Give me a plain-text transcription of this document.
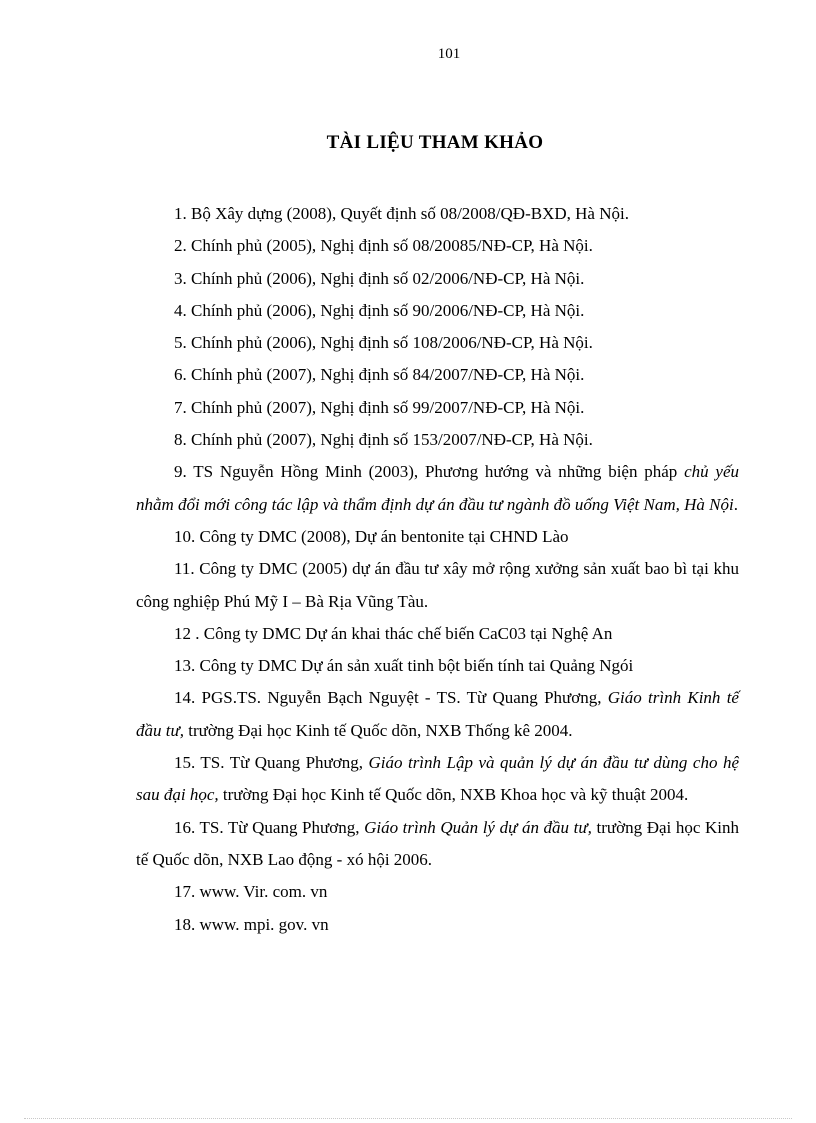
101
TÀI LIỆU THAM KHẢO
1. Bộ Xây dựng (2008), Quyết định số 08/2008/QĐ-BXD, Hà Nội.
2. Chính phủ (2005), Nghị định số 08/20085/NĐ-CP, Hà Nội.
3. Chính phủ (2006), Nghị định số 02/2006/NĐ-CP, Hà Nội.
4. Chính phủ (2006), Nghị định số 90/2006/NĐ-CP, Hà Nội.
5. Chính phủ (2006), Nghị định số 108/2006/NĐ-CP, Hà Nội.
6. Chính phủ (2007), Nghị định số 84/2007/NĐ-CP, Hà Nội.
7. Chính phủ (2007), Nghị định số 99/2007/NĐ-CP, Hà Nội.
8. Chính phủ (2007), Nghị định số 153/2007/NĐ-CP, Hà Nội.
9. TS Nguyễn Hồng Minh (2003), Phương hướng và những biện pháp chủ yếu nhằm đổi mới công tác lập và thẩm định dự án đầu tư ngành đồ uống Việt Nam, Hà Nội.
10. Công ty DMC (2008), Dự án bentonite tại CHND Lào
11. Công ty DMC (2005) dự án đầu tư xây mở rộng xưởng sản xuất bao bì tại khu công nghiệp Phú Mỹ I – Bà Rịa Vũng Tàu.
12 . Công ty DMC Dự án khai thác chế biến CaC03 tại Nghệ An
13. Công ty DMC Dự án sản xuất tinh bột biến tính tai Quảng Ngói
14. PGS.TS. Nguyễn Bạch Nguyệt - TS. Từ Quang Phương, Giáo trình Kinh tế đầu tư, trường Đại học Kinh tế Quốc dõn, NXB Thống kê 2004.
15. TS. Từ Quang Phương, Giáo trình Lập và quản lý dự án đầu tư dùng cho hệ sau đại học, trường Đại học Kinh tế Quốc dõn, NXB Khoa học và kỹ thuật 2004.
16. TS. Từ Quang Phương, Giáo trình Quản lý dự án đầu tư, trường Đại học Kinh tế Quốc dõn, NXB Lao động - xó hội 2006.
17. www. Vir. com. vn
18. www. mpi. gov. vn
